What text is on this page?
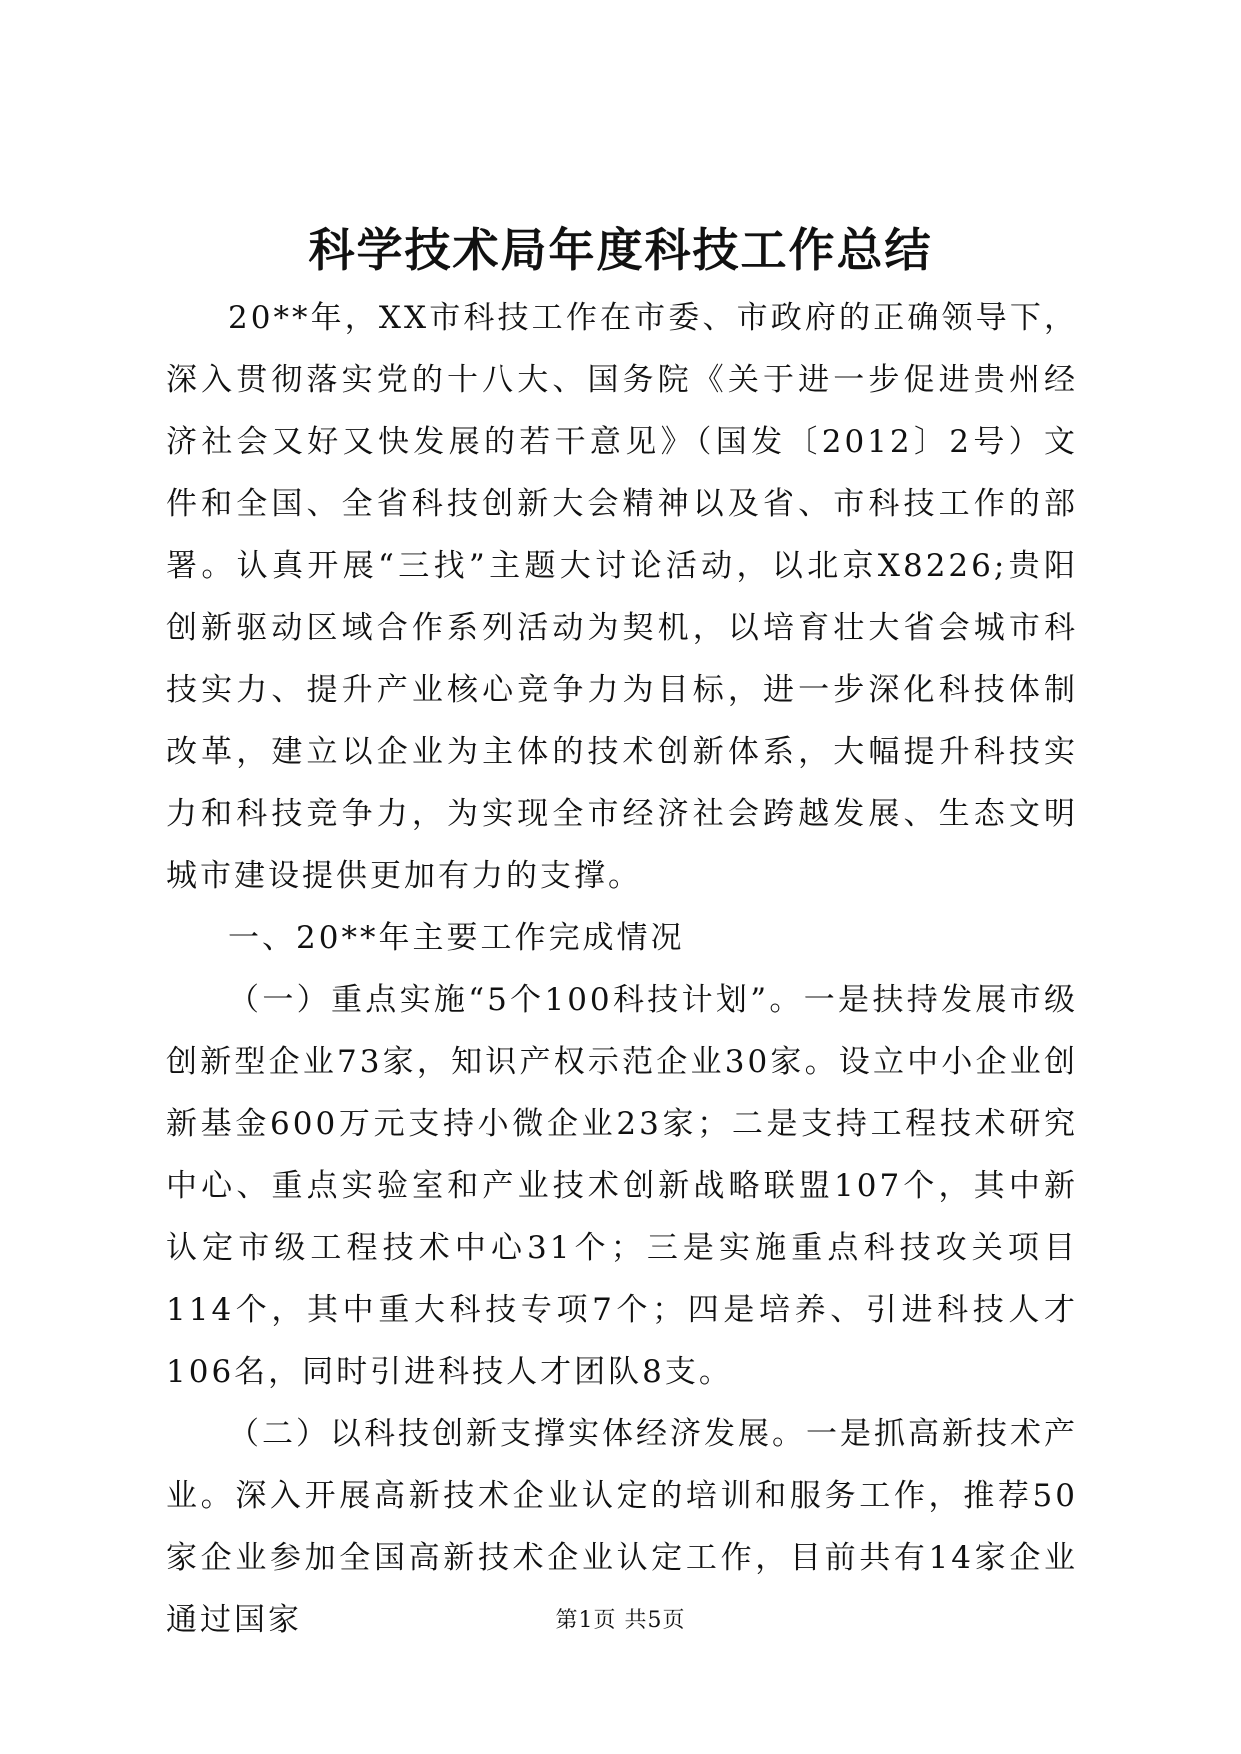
科学技术局年度科技工作总结

20**年，XX市科技工作在市委、市政府的正确领导下，深入贯彻落实党的十八大、国务院《关于进一步促进贵州经济社会又好又快发展的若干意见》（国发〔2012〕2号）文件和全国、全省科技创新大会精神以及省、市科技工作的部署。认真开展“三找”主题大讨论活动，以北京X8226;贵阳创新驱动区域合作系列活动为契机，以培育壮大省会城市科技实力、提升产业核心竞争力为目标，进一步深化科技体制改革，建立以企业为主体的技术创新体系，大幅提升科技实力和科技竞争力，为实现全市经济社会跨越发展、生态文明城市建设提供更加有力的支撑。

一、20**年主要工作完成情况

（一）重点实施“5个100科技计划”。一是扶持发展市级创新型企业73家，知识产权示范企业30家。设立中小企业创新基金600万元支持小微企业23家；二是支持工程技术研究中心、重点实验室和产业技术创新战略联盟107个，其中新认定市级工程技术中心31个；三是实施重点科技攻关项目114个，其中重大科技专项7个；四是培养、引进科技人才106名，同时引进科技人才团队8支。

（二）以科技创新支撑实体经济发展。一是抓高新技术产业。深入开展高新技术企业认定的培训和服务工作，推荐50家企业参加全国高新技术企业认定工作，目前共有14家企业通过国家	第1页 共5页
